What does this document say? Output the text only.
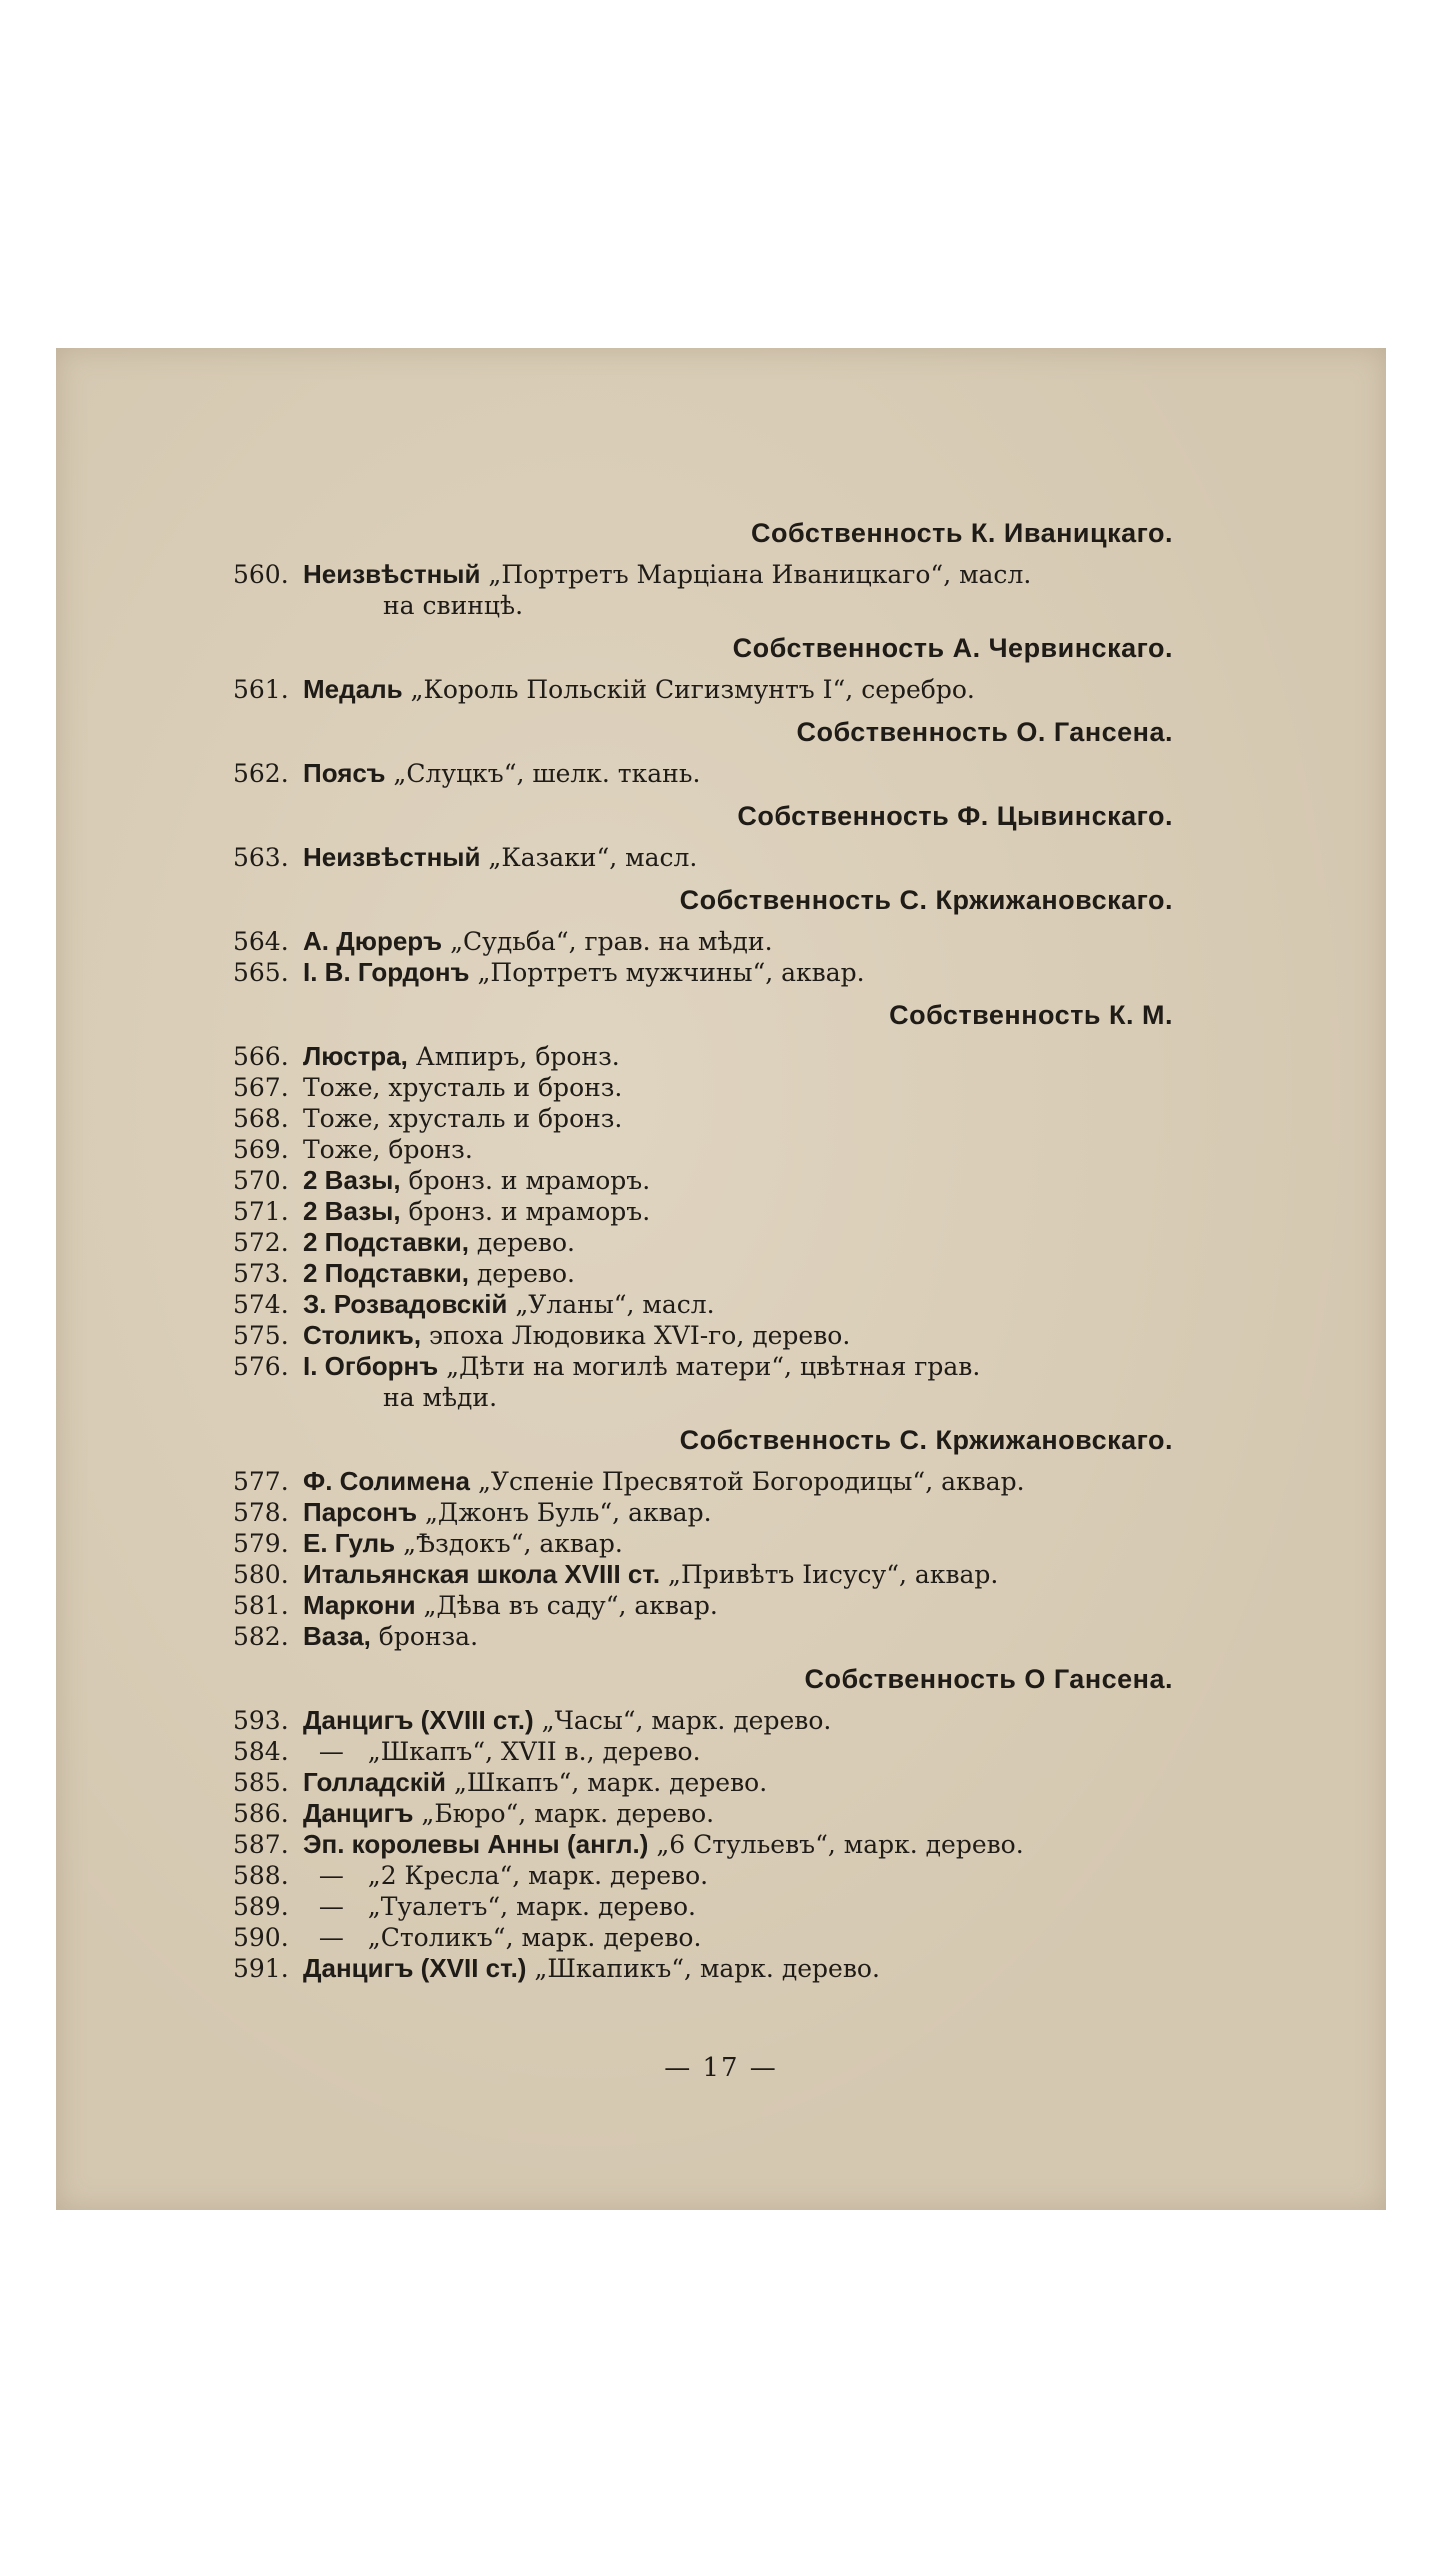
Собственность К. Иваницкаго.
560. Неизвѣстный „Портретъ Марціана Иваницкаго“, масл.
на свинцѣ.
Собственность А. Червинскаго.
561. Медаль „Король Польскій Сигизмунтъ I“, серебро.
Собственность О. Гансена.
562. Поясъ „Слуцкъ“, шелк. ткань.
Собственность Ф. Цывинскаго.
563. Неизвѣстный „Казаки“, масл.
Собственность С. Кржижановскаго.
564. А. Дюреръ „Судьба“, грав. на мѣди.
565. І. В. Гордонъ „Портретъ мужчины“, аквар.
Собственность К. М.
566. Люстра, Ампиръ, бронз.
567. Тоже, хрусталь и бронз.
568. Тоже, хрусталь и бронз.
569. Тоже, бронз.
570. 2 Вазы, бронз. и мраморъ.
571. 2 Вазы, бронз. и мраморъ.
572. 2 Подставки, дерево.
573. 2 Подставки, дерево.
574. З. Розвадовскій „Уланы“, масл.
575. Столикъ, эпоха Людовика XVI-го, дерево.
576. І. Огборнъ „Дѣти на могилѣ матери“, цвѣтная грав.
на мѣди.
Собственность С. Кржижановскаго.
577. Ф. Солимена „Успеніе Пресвятой Богородицы“, аквар.
578. Парсонъ „Джонъ Буль“, аквар.
579. Е. Гуль „Ѣздокъ“, аквар.
580. Итальянская школа XVIII ст. „Привѣтъ Іисусу“, аквар.
581. Маркони „Дѣва въ саду“, аквар.
582. Ваза, бронза.
Собственность О Гансена.
593. Данцигъ (XVIII ст.) „Часы“, марк. дерево.
584. —   „Шкапъ“, XVII в., дерево.
585. Голладскій „Шкапъ“, марк. дерево.
586. Данцигъ „Бюро“, марк. дерево.
587. Эп. королевы Анны (англ.) „6 Стульевъ“, марк. дерево.
588. —   „2 Кресла“, марк. дерево.
589. —   „Туалетъ“, марк. дерево.
590. —   „Столикъ“, марк. дерево.
591. Данцигъ (XVII ст.) „Шкапикъ“, марк. дерево.
— 17 —
